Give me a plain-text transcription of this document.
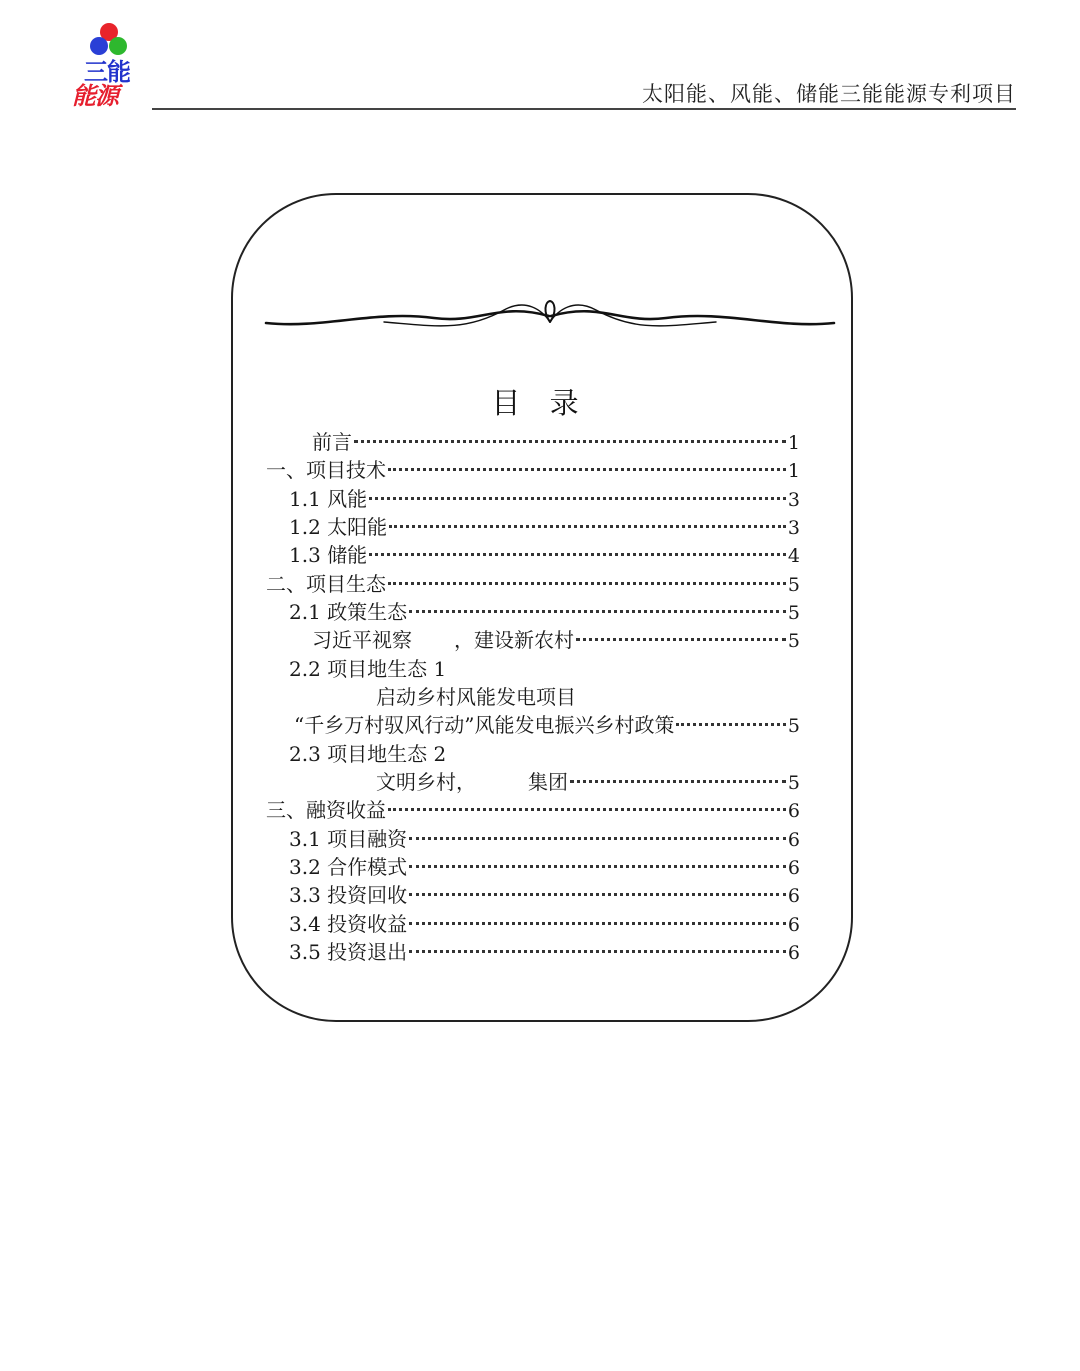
三能
能源	太阳能、风能、储能三能能源专利项目
目 录
前言	1
一、项目技术	1
1.1 风能	3
1.2 太阳能	3
1.3 储能	4
二、项目生态	5
2.1 政策生态	5
习近平视察 ，建设新农村	5
2.2 项目地生态 1
启动乡村风能发电项目
“千乡万村驭风行动”风能发电振兴乡村政策	5
2.3 项目地生态 2
文明乡村，	集团	5
三、融资收益	6
3.1 项目融资	6
3.2 合作模式	6
3.3 投资回收	6
3.4 投资收益	6
3.5 投资退出	6
